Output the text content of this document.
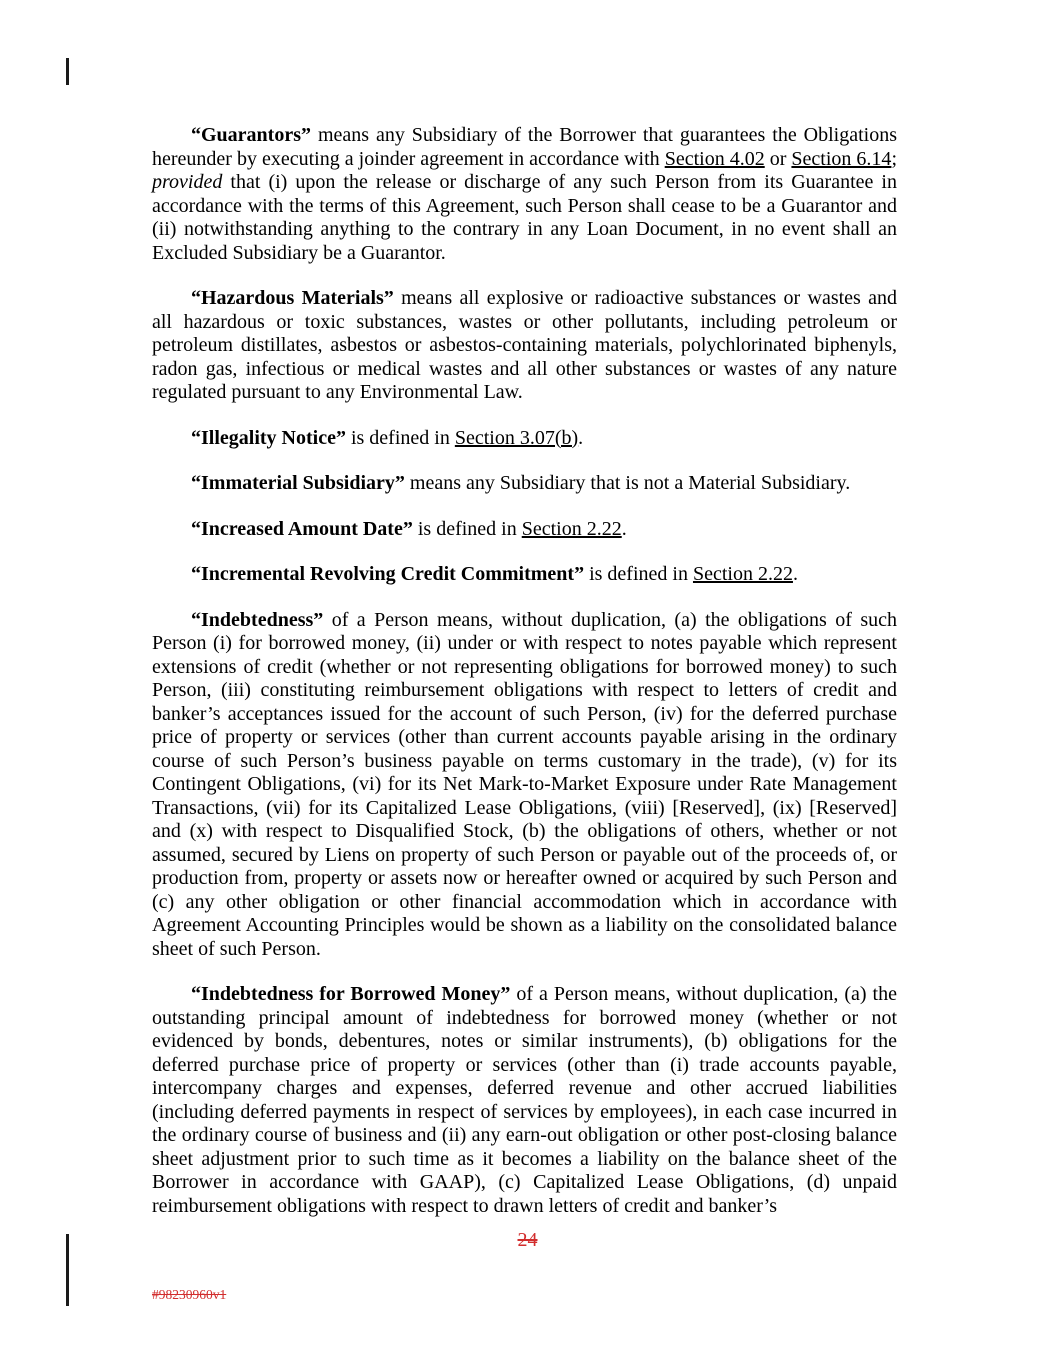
“Guarantors” means any Subsidiary of the Borrower that guarantees the Obligations hereunder by executing a joinder agreement in accordance with Section 4.02 or Section 6.14; provided that (i) upon the release or discharge of any such Person from its Guarantee in accordance with the terms of this Agreement, such Person shall cease to be a Guarantor and (ii) notwithstanding anything to the contrary in any Loan Document, in no event shall an Excluded Subsidiary be a Guarantor.

“Hazardous Materials” means all explosive or radioactive substances or wastes and all hazardous or toxic substances, wastes or other pollutants, including petroleum or petroleum distillates, asbestos or asbestos-containing materials, polychlorinated biphenyls, radon gas, infectious or medical wastes and all other substances or wastes of any nature regulated pursuant to any Environmental Law.

“Illegality Notice” is defined in Section 3.07(b).

“Immaterial Subsidiary” means any Subsidiary that is not a Material Subsidiary.

“Increased Amount Date” is defined in Section 2.22.

“Incremental Revolving Credit Commitment” is defined in Section 2.22.

“Indebtedness” of a Person means, without duplication, (a) the obligations of such Person (i) for borrowed money, (ii) under or with respect to notes payable which represent extensions of credit (whether or not representing obligations for borrowed money) to such Person, (iii) constituting reimbursement obligations with respect to letters of credit and banker’s acceptances issued for the account of such Person, (iv) for the deferred purchase price of property or services (other than current accounts payable arising in the ordinary course of such Person’s business payable on terms customary in the trade), (v) for its Contingent Obligations, (vi) for its Net Mark-to-Market Exposure under Rate Management Transactions, (vii) for its Capitalized Lease Obligations, (viii) [Reserved], (ix) [Reserved] and (x) with respect to Disqualified Stock, (b) the obligations of others, whether or not assumed, secured by Liens on property of such Person or payable out of the proceeds of, or production from, property or assets now or hereafter owned or acquired by such Person and (c) any other obligation or other financial accommodation which in accordance with Agreement Accounting Principles would be shown as a liability on the consolidated balance sheet of such Person.

“Indebtedness for Borrowed Money” of a Person means, without duplication, (a) the outstanding principal amount of indebtedness for borrowed money (whether or not evidenced by bonds, debentures, notes or similar instruments), (b) obligations for the deferred purchase price of property or services (other than (i) trade accounts payable, intercompany charges and expenses, deferred revenue and other accrued liabilities (including deferred payments in respect of services by employees), in each case incurred in the ordinary course of business and (ii) any earn-out obligation or other post-closing balance sheet adjustment prior to such time as it becomes a liability on the balance sheet of the Borrower in accordance with GAAP), (c) Capitalized Lease Obligations, (d) unpaid reimbursement obligations with respect to drawn letters of credit and banker’s

24
#98230960v1
